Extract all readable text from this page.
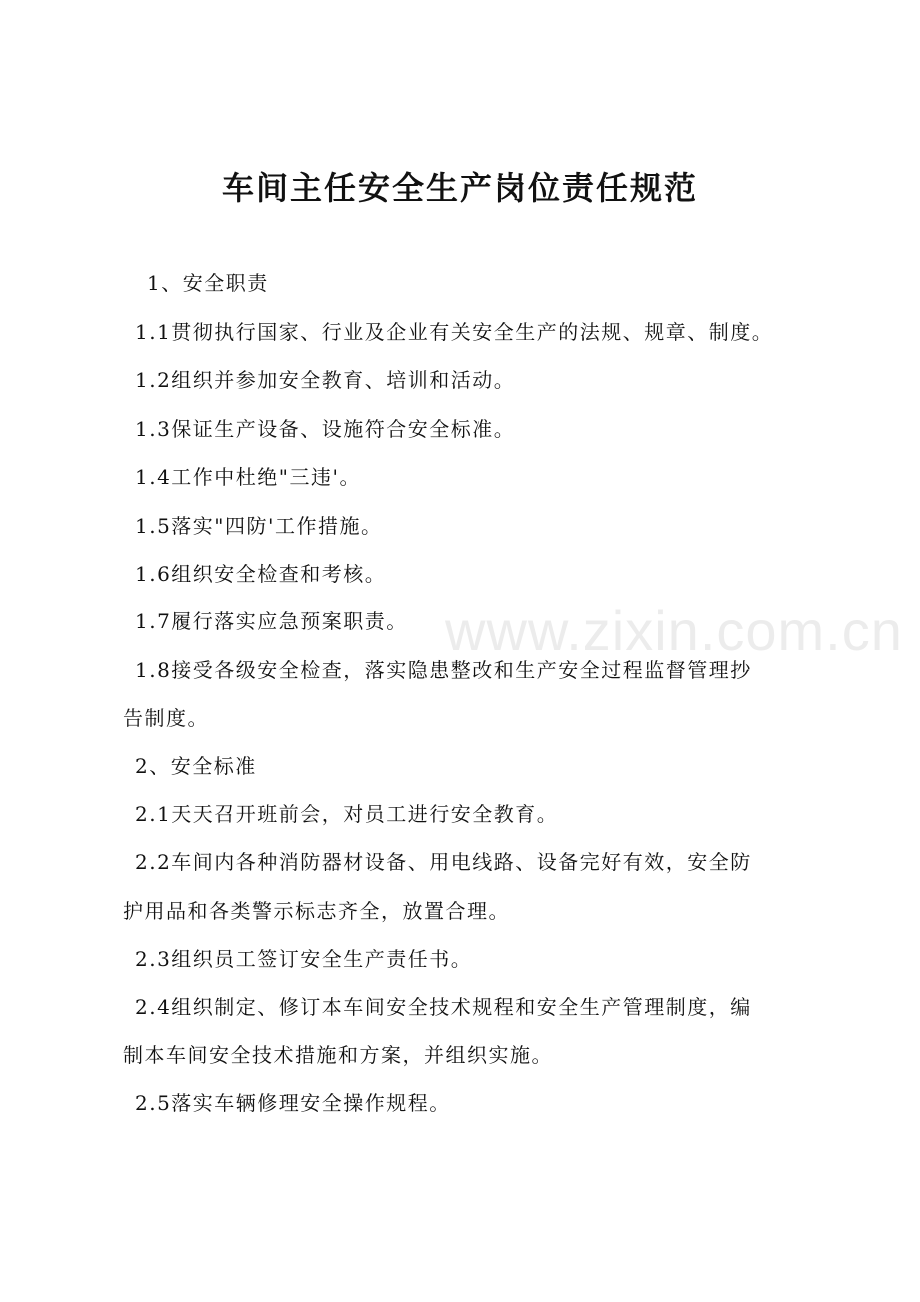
车间主任安全生产岗位责任规范
1、安全职责
1.1贯彻执行国家、行业及企业有关安全生产的法规、规章、制度。
1.2组织并参加安全教育、培训和活动。
1.3保证生产设备、设施符合安全标准。
1.4工作中杜绝"三违'。
1.5落实"四防'工作措施。
1.6组织安全检查和考核。
1.7履行落实应急预案职责。
1.8接受各级安全检查，落实隐患整改和生产安全过程监督管理抄
告制度。
2、安全标准
2.1天天召开班前会，对员工进行安全教育。
2.2车间内各种消防器材设备、用电线路、设备完好有效，安全防
护用品和各类警示标志齐全，放置合理。
2.3组织员工签订安全生产责任书。
2.4组织制定、修订本车间安全技术规程和安全生产管理制度，编
制本车间安全技术措施和方案，并组织实施。
2.5落实车辆修理安全操作规程。
www.zixin.com.cn
